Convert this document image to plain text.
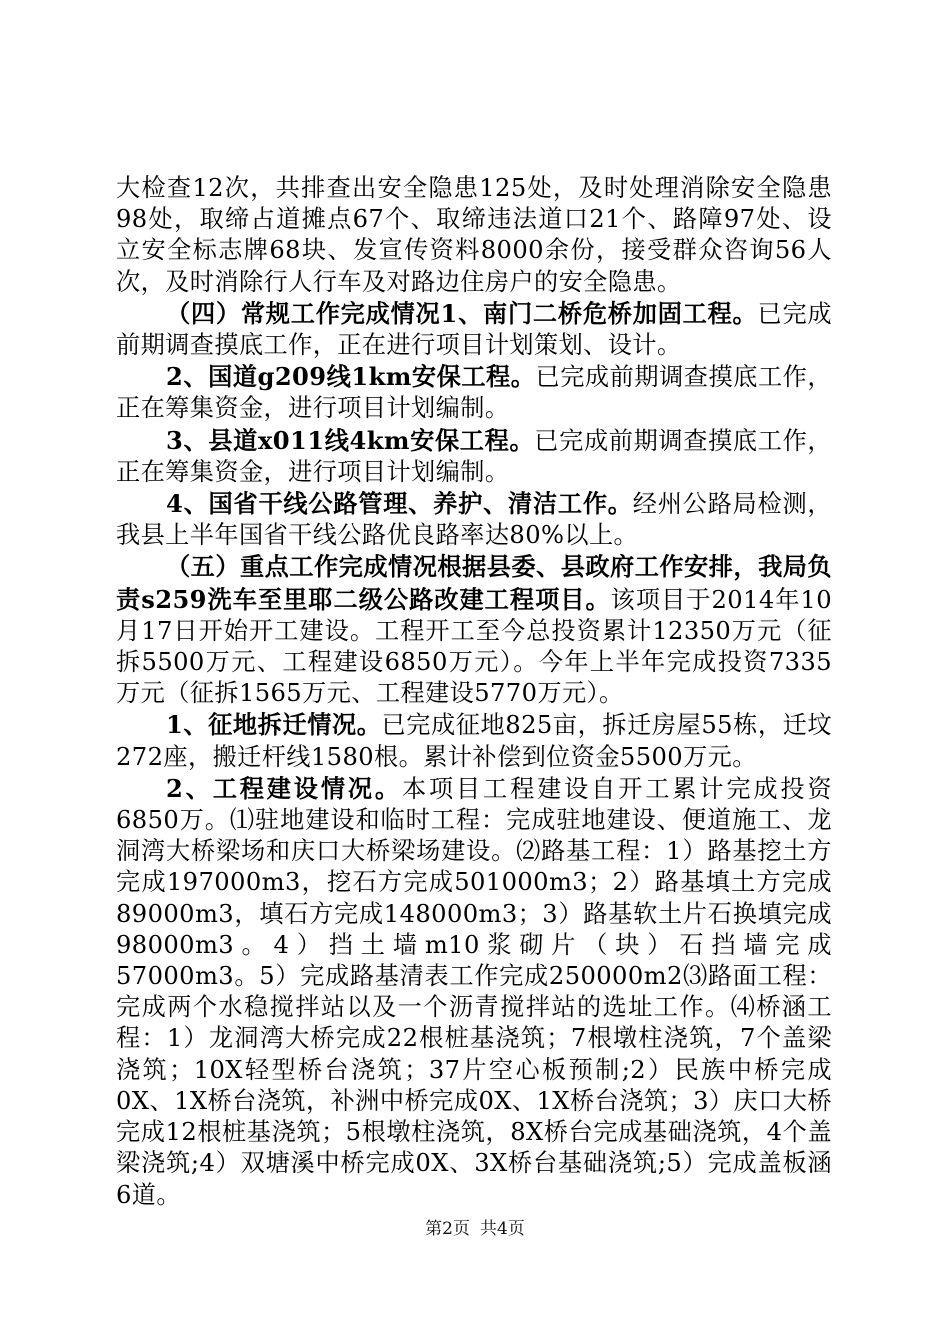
大检查12次，共排查出安全隐患125处，及时处理消除安全隐患98处，取缔占道摊点67个、取缔违法道口21个、路障97处、设立安全标志牌68块、发宣传资料8000余份，接受群众咨询56人次，及时消除行人行车及对路边住房户的安全隐患。

（四）常规工作完成情况1、南门二桥危桥加固工程。已完成前期调查摸底工作，正在进行项目计划策划、设计。

2、国道g209线1km安保工程。已完成前期调查摸底工作，正在筹集资金，进行项目计划编制。

3、县道x011线4km安保工程。已完成前期调查摸底工作，正在筹集资金，进行项目计划编制。

4、国省干线公路管理、养护、清洁工作。经州公路局检测，我县上半年国省干线公路优良路率达80%以上。

（五）重点工作完成情况根据县委、县政府工作安排，我局负责s259洗车至里耶二级公路改建工程项目。该项目于2014年10月17日开始开工建设。工程开工至今总投资累计12350万元（征拆5500万元、工程建设6850万元）。今年上半年完成投资7335万元（征拆1565万元、工程建设5770万元）。

1、征地拆迁情况。已完成征地825亩，拆迁房屋55栋，迁坟272座，搬迁杆线1580根。累计补偿到位资金5500万元。

2、工程建设情况。本项目工程建设自开工累计完成投资6850万。⑴驻地建设和临时工程：完成驻地建设、便道施工、龙洞湾大桥梁场和庆口大桥梁场建设。⑵路基工程：1）路基挖土方完成197000m3，挖石方完成501000m3；2）路基填土方完成89000m3，填石方完成148000m3；3）路基软土片石换填完成98000m3。4）挡土墙m10浆砌片（块）石挡墙完成57000m3。5）完成路基清表工作完成250000m2⑶路面工程：完成两个水稳搅拌站以及一个沥青搅拌站的选址工作。⑷桥涵工程：1）龙洞湾大桥完成22根桩基浇筑；7根墩柱浇筑，7个盖梁浇筑；10X轻型桥台浇筑；37片空心板预制;2）民族中桥完成0X、1X桥台浇筑，补洲中桥完成0X、1X桥台浇筑；3）庆口大桥完成12根桩基浇筑；5根墩柱浇筑，8X桥台完成基础浇筑，4个盖梁浇筑;4）双塘溪中桥完成0X、3X桥台基础浇筑;5）完成盖板涵6道。

第2页 共4页
